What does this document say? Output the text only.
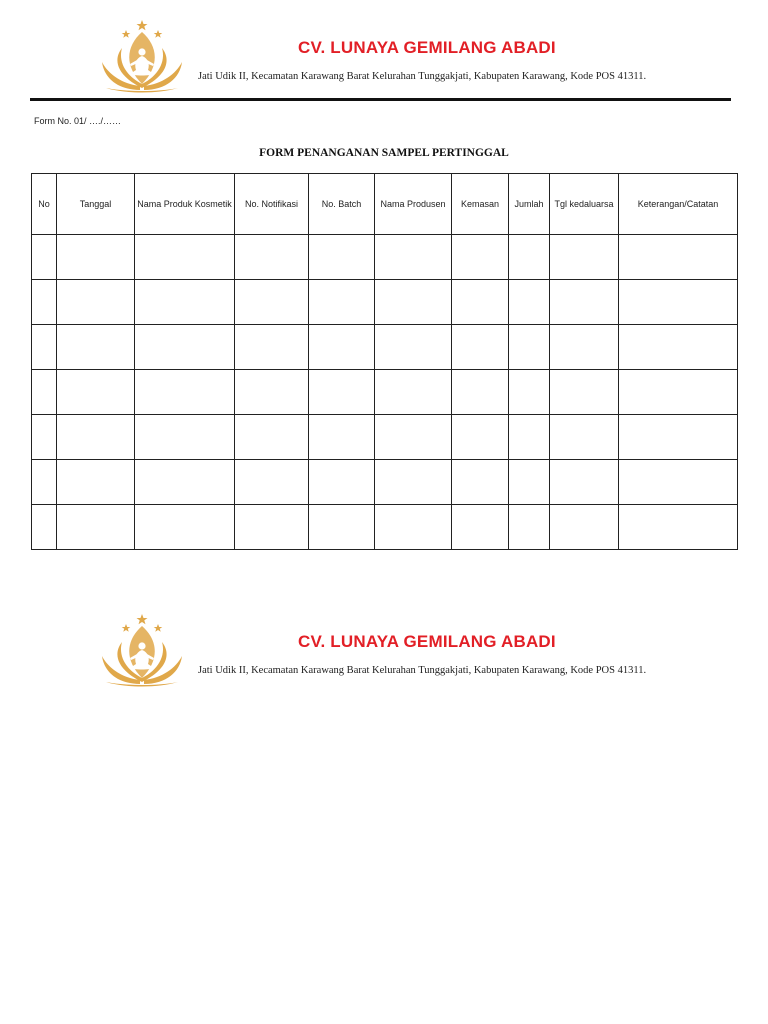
CV. LUNAYA GEMILANG ABADI
Jati Udik II, Kecamatan Karawang Barat Kelurahan Tunggakjati, Kabupaten Karawang, Kode POS 41311.
Form No. 01/ …./……
FORM PENANGANAN SAMPEL PERTINGGAL
No	Tanggal	Nama Produk Kosmetik	No. Notifikasi	No. Batch	Nama Produsen	Kemasan	Jumlah	Tgl kedaluarsa	Keterangan/Catatan

CV. LUNAYA GEMILANG ABADI
Jati Udik II, Kecamatan Karawang Barat Kelurahan Tunggakjati, Kabupaten Karawang, Kode POS 41311.
